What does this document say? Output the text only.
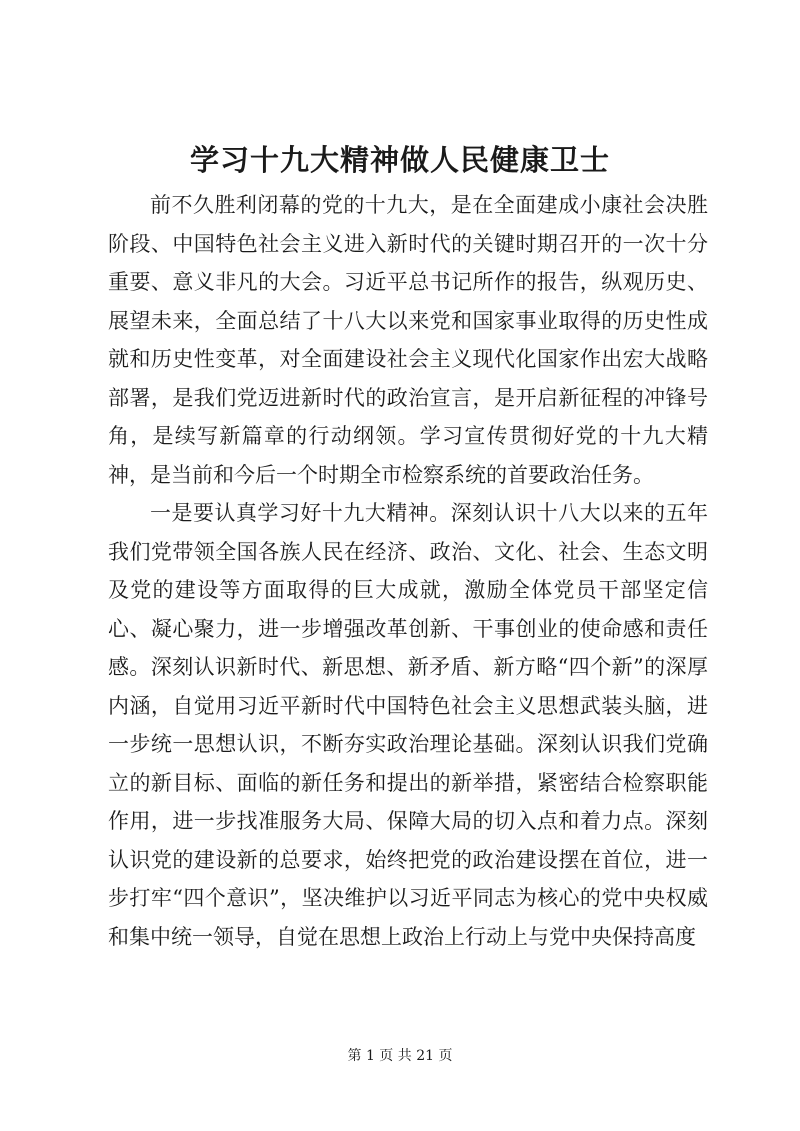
学习十九大精神做人民健康卫士

前不久胜利闭幕的党的十九大，是在全面建成小康社会决胜阶段、中国特色社会主义进入新时代的关键时期召开的一次十分重要、意义非凡的大会。习近平总书记所作的报告，纵观历史、展望未来，全面总结了十八大以来党和国家事业取得的历史性成就和历史性变革，对全面建设社会主义现代化国家作出宏大战略部署，是我们党迈进新时代的政治宣言，是开启新征程的冲锋号角，是续写新篇章的行动纲领。学习宣传贯彻好党的十九大精神，是当前和今后一个时期全市检察系统的首要政治任务。

一是要认真学习好十九大精神。深刻认识十八大以来的五年我们党带领全国各族人民在经济、政治、文化、社会、生态文明及党的建设等方面取得的巨大成就，激励全体党员干部坚定信心、凝心聚力，进一步增强改革创新、干事创业的使命感和责任感。深刻认识新时代、新思想、新矛盾、新方略“四个新”的深厚内涵，自觉用习近平新时代中国特色社会主义思想武装头脑，进一步统一思想认识，不断夯实政治理论基础。深刻认识我们党确立的新目标、面临的新任务和提出的新举措，紧密结合检察职能作用，进一步找准服务大局、保障大局的切入点和着力点。深刻认识党的建设新的总要求，始终把党的政治建设摆在首位，进一步打牢“四个意识”，坚决维护以习近平同志为核心的党中央权威和集中统一领导，自觉在思想上政治上行动上与党中央保持高度

第 1 页 共 21 页
